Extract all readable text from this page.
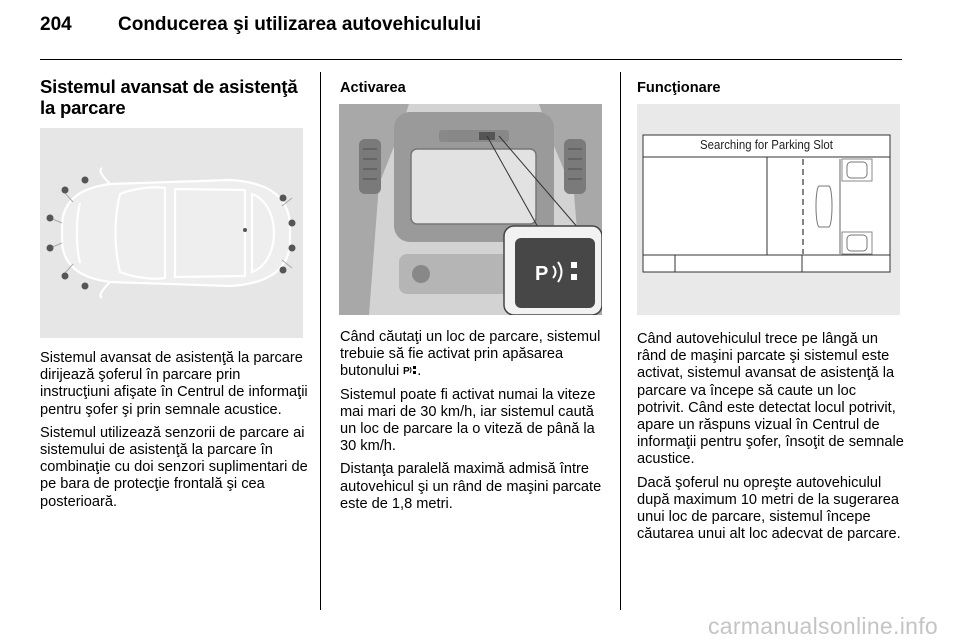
204 Conducerea şi utilizarea autovehiculului
Sistemul avansat de asistenţă la parcare

Sistemul avansat de asistenţă la parcare dirijează şoferul în parcare prin instrucţiuni afişate în Centrul de informaţii pentru şofer şi prin semnale acustice.

Sistemul utilizează senzorii de parcare ai sistemului de asistenţă la parcare în combinaţie cu doi senzori suplimentari de pe bara de protecţie frontală şi cea posterioară.

Activarea
P

Când căutaţi un loc de parcare, sistemul trebuie să fie activat prin apăsarea butonului P .

Sistemul poate fi activat numai la viteze mai mari de 30 km/h, iar sistemul caută un loc de parcare la o viteză de până la 30 km/h.

Distanţa paralelă maximă admisă între autovehicul şi un rând de maşini parcate este de 1,8 metri.

Funcţionare
Searching for Parking Slot

Când autovehiculul trece pe lângă un rând de maşini parcate şi sistemul este activat, sistemul avansat de asistenţă la parcare va începe să caute un loc potrivit. Când este detectat locul potrivit, apare un răspuns vizual în Centrul de informaţii pentru şofer, însoţit de semnale acustice.

Dacă şoferul nu opreşte autovehiculul după maximum 10 metri de la sugerarea unui loc de parcare, sistemul începe căutarea unui alt loc adecvat de parcare.

carmanualsonline.info
